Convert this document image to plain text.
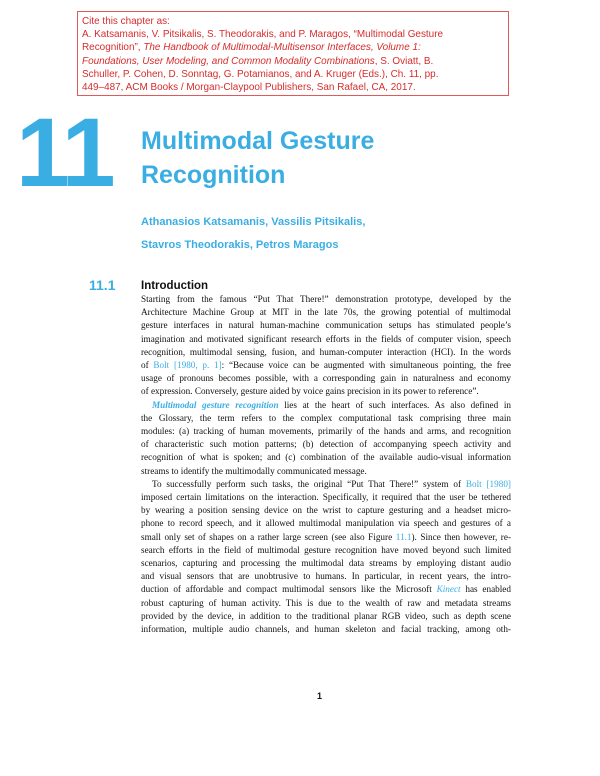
Cite this chapter as:
A. Katsamanis, V. Pitsikalis, S. Theodorakis, and P. Maragos, “Multimodal Gesture
Recognition”, The Handbook of Multimodal-Multisensor Interfaces, Volume 1:
Foundations, User Modeling, and Common Modality Combinations, S. Oviatt, B.
Schuller, P. Cohen, D. Sonntag, G. Potamianos, and A. Kruger (Eds.), Ch. 11, pp.
449–487, ACM Books / Morgan-Claypool Publishers, San Rafael, CA, 2017.
11 Multimodal Gesture
Recognition
Athanasios Katsamanis, Vassilis Pitsikalis,
Stavros Theodorakis, Petros Maragos
11.1 Introduction
Starting from the famous “Put That There!” demonstration prototype, developed by the
Architecture Machine Group at MIT in the late 70s, the growing potential of multimodal
gesture interfaces in natural human-machine communication setups has stimulated people’s
imagination and motivated significant research efforts in the fields of computer vision, speech
recognition, multimodal sensing, fusion, and human-computer interaction (HCI). In the words
of Bolt [1980, p. 1]: “Because voice can be augmented with simultaneous pointing, the free
usage of pronouns becomes possible, with a corresponding gain in naturalness and economy
of expression. Conversely, gesture aided by voice gains precision in its power to reference”.
Multimodal gesture recognition lies at the heart of such interfaces. As also defined in
the Glossary, the term refers to the complex computational task comprising three main
modules: (a) tracking of human movements, primarily of the hands and arms, and recognition
of characteristic such motion patterns; (b) detection of accompanying speech activity and
recognition of what is spoken; and (c) combination of the available audio-visual information
streams to identify the multimodally communicated message.
To successfully perform such tasks, the original “Put That There!” system of Bolt [1980]
imposed certain limitations on the interaction. Specifically, it required that the user be tethered
by wearing a position sensing device on the wrist to capture gesturing and a headset micro-
phone to record speech, and it allowed multimodal manipulation via speech and gestures of a
small only set of shapes on a rather large screen (see also Figure 11.1). Since then however, re-
search efforts in the field of multimodal gesture recognition have moved beyond such limited
scenarios, capturing and processing the multimodal data streams by employing distant audio
and visual sensors that are unobtrusive to humans. In particular, in recent years, the intro-
duction of affordable and compact multimodal sensors like the Microsoft Kinect has enabled
robust capturing of human activity. This is due to the wealth of raw and metadata streams
provided by the device, in addition to the traditional planar RGB video, such as depth scene
information, multiple audio channels, and human skeleton and facial tracking, among oth-
1
